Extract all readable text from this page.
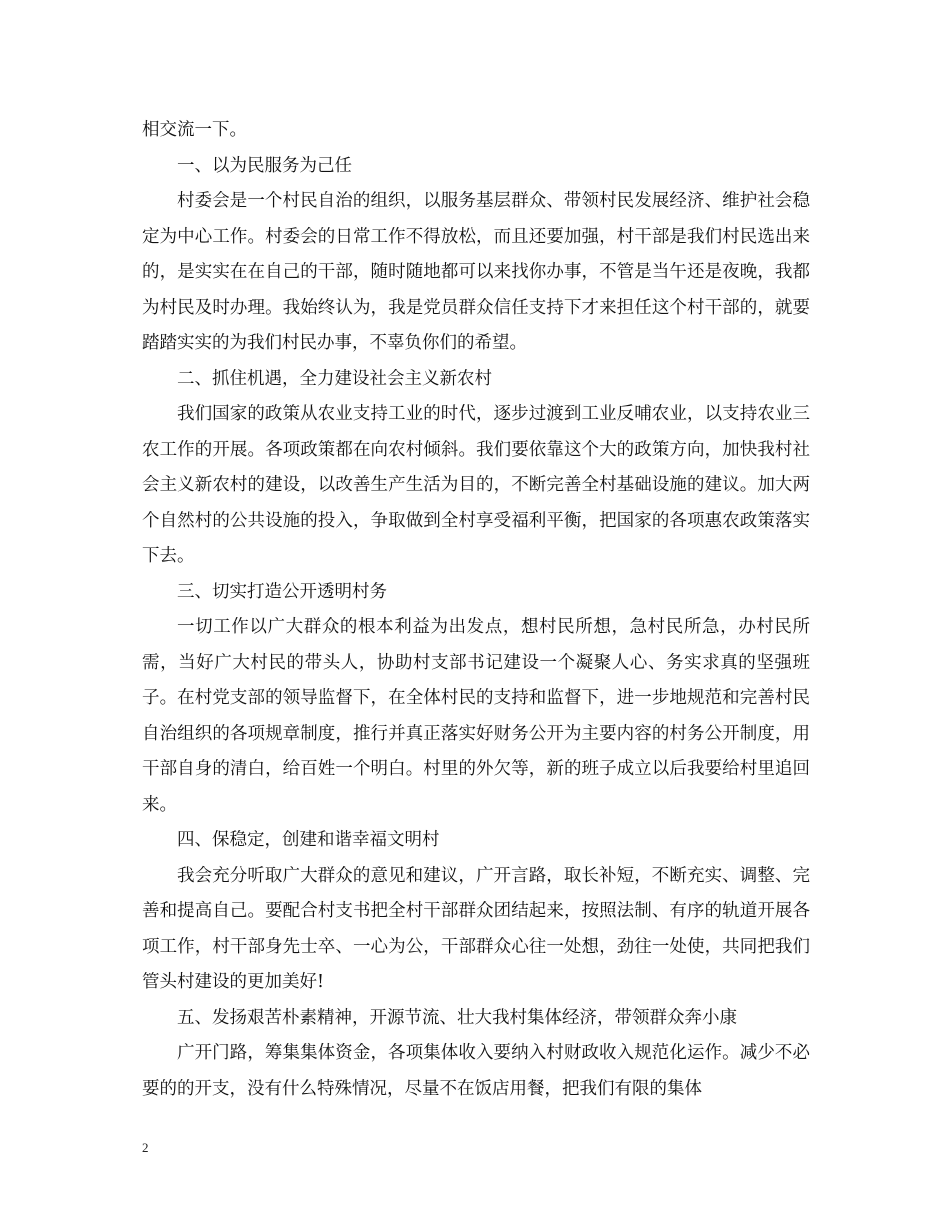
相交流一下。

一、以为民服务为己任

村委会是一个村民自治的组织，以服务基层群众、带领村民发展经济、维护社会稳定为中心工作。村委会的日常工作不得放松，而且还要加强，村干部是我们村民选出来的，是实实在在自己的干部，随时随地都可以来找你办事，不管是当午还是夜晚，我都为村民及时办理。我始终认为，我是党员群众信任支持下才来担任这个村干部的，就要踏踏实实的为我们村民办事，不辜负你们的希望。

二、抓住机遇，全力建设社会主义新农村

我们国家的政策从农业支持工业的时代，逐步过渡到工业反哺农业，以支持农业三农工作的开展。各项政策都在向农村倾斜。我们要依靠这个大的政策方向，加快我村社会主义新农村的建设，以改善生产生活为目的，不断完善全村基础设施的建议。加大两个自然村的公共设施的投入，争取做到全村享受福利平衡，把国家的各项惠农政策落实下去。

三、切实打造公开透明村务

一切工作以广大群众的根本利益为出发点，想村民所想，急村民所急，办村民所需，当好广大村民的带头人，协助村支部书记建设一个凝聚人心、务实求真的坚强班子。在村党支部的领导监督下，在全体村民的支持和监督下，进一步地规范和完善村民自治组织的各项规章制度，推行并真正落实好财务公开为主要内容的村务公开制度，用干部自身的清白，给百姓一个明白。村里的外欠等，新的班子成立以后我要给村里追回来。

四、保稳定，创建和谐幸福文明村

我会充分听取广大群众的意见和建议，广开言路，取长补短，不断充实、调整、完善和提高自己。要配合村支书把全村干部群众团结起来，按照法制、有序的轨道开展各项工作，村干部身先士卒、一心为公，干部群众心往一处想，劲往一处使，共同把我们管头村建设的更加美好!

五、发扬艰苦朴素精神，开源节流、壮大我村集体经济，带领群众奔小康

广开门路，筹集集体资金，各项集体收入要纳入村财政收入规范化运作。减少不必要的的开支，没有什么特殊情况，尽量不在饭店用餐，把我们有限的集体

2
